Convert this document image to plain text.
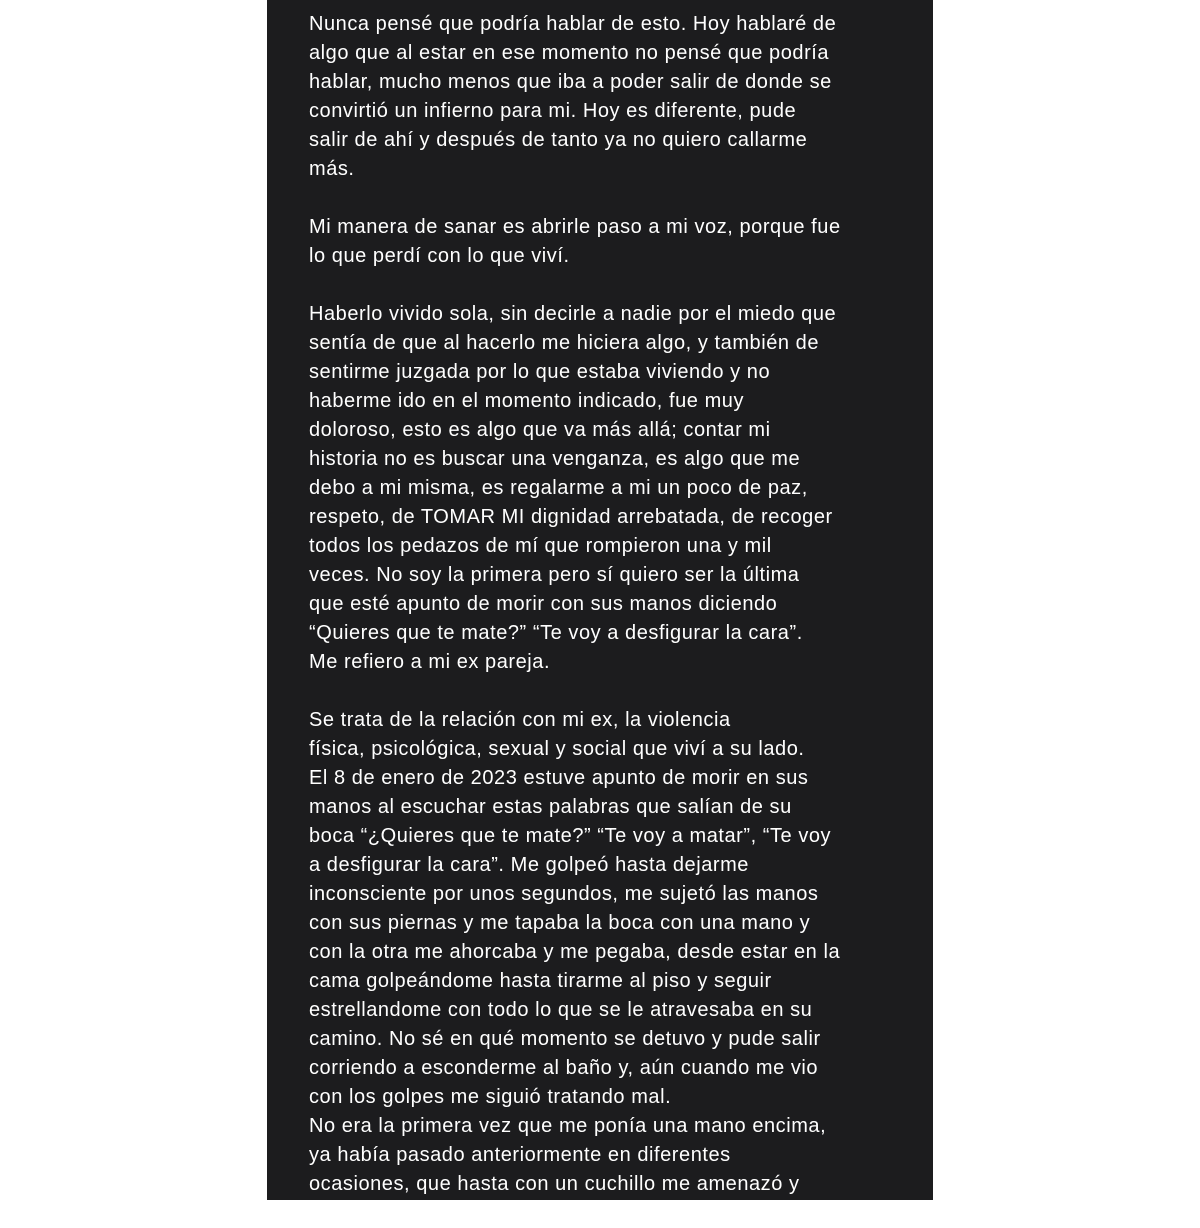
Nunca pensé que podría hablar de esto. Hoy hablaré de
algo que al estar en ese momento no pensé que podría
hablar, mucho menos que iba a poder salir de donde se
convirtió un infierno para mi. Hoy es diferente, pude
salir de ahí y después de tanto ya no quiero callarme
más.

Mi manera de sanar es abrirle paso a mi voz, porque fue
lo que perdí con lo que viví.

Haberlo vivido sola, sin decirle a nadie por el miedo que
sentía de que al hacerlo me hiciera algo, y también de
sentirme juzgada por lo que estaba viviendo y no
haberme ido en el momento indicado, fue muy
doloroso, esto es algo que va más allá; contar mi
historia no es buscar una venganza, es algo que me
debo a mi misma, es regalarme a mi un poco de paz,
respeto, de TOMAR MI dignidad arrebatada, de recoger
todos los pedazos de mí que rompieron una y mil
veces. No soy la primera pero sí quiero ser la última
que esté apunto de morir con sus manos diciendo
“Quieres que te mate?” “Te voy a desfigurar la cara”.
Me refiero a mi ex pareja.

Se trata de la relación con mi ex, la violencia
física, psicológica, sexual y social que viví a su lado.
El 8 de enero de 2023 estuve apunto de morir en sus
manos al escuchar estas palabras que salían de su
boca “¿Quieres que te mate?” “Te voy a matar”, “Te voy
a desfigurar la cara”. Me golpeó hasta dejarme
inconsciente por unos segundos, me sujetó las manos
con sus piernas y me tapaba la boca con una mano y
con la otra me ahorcaba y me pegaba, desde estar en la
cama golpeándome hasta tirarme al piso y seguir
estrellandome con todo lo que se le atravesaba en su
camino. No sé en qué momento se detuvo y pude salir
corriendo a esconderme al baño y, aún cuando me vio
con los golpes me siguió tratando mal.
No era la primera vez que me ponía una mano encima,
ya había pasado anteriormente en diferentes
ocasiones, que hasta con un cuchillo me amenazó y
logró hacerme daño.
